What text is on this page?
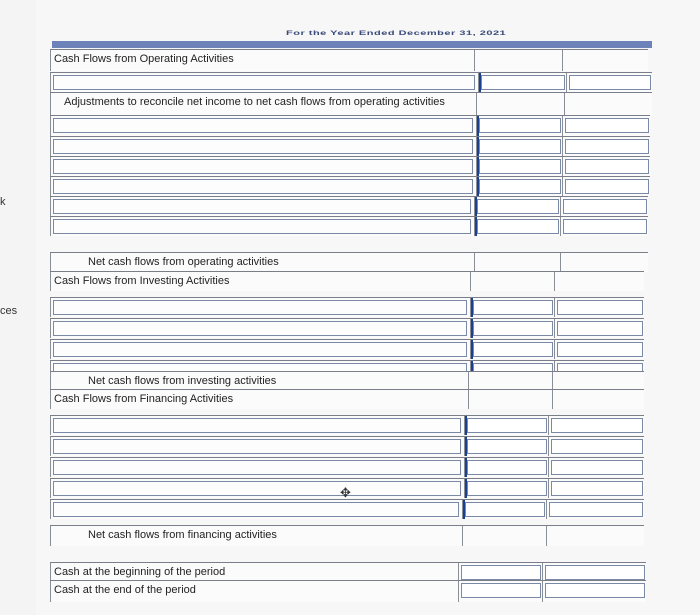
k
ces
For the Year Ended December 31, 2021
Cash Flows from Operating Activities
Adjustments to reconcile net income to net cash flows from operating activities
Net cash flows from operating activities
Cash Flows from Investing Activities
Net cash flows from investing activities
Cash Flows from Financing Activities
Net cash flows from financing activities
Cash at the beginning of the period
Cash at the end of the period
✥
